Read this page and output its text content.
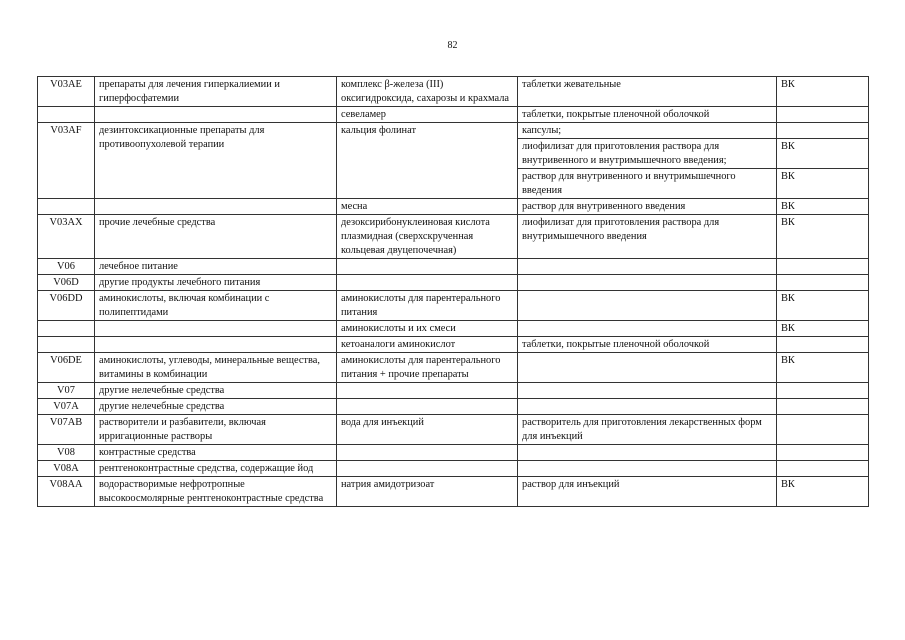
82
V03AE	препараты для лечения гиперкалиемии и гиперфосфатемии	комплекс β-железа (III) оксигидроксида, сахарозы и крахмала	таблетки жевательные	ВК
		севеламер	таблетки, покрытые пленочной оболочкой	
V03AF	дезинтоксикационные препараты для противоопухолевой терапии	кальция фолинат	капсулы;	
			лиофилизат для приготовления раствора для внутривенного и внутримышечного введения;	ВК
			раствор для внутривенного и внутримышечного введения	ВК
		месна	раствор для внутривенного введения	ВК
V03AX	прочие лечебные средства	дезоксирибонуклеиновая кислота плазмидная (сверхскрученная кольцевая двуцепочечная)	лиофилизат для приготовления раствора для внутримышечного введения	ВК
V06	лечебное питание			
V06D	другие продукты лечебного питания			
V06DD	аминокислоты, включая комбинации с полипептидами	аминокислоты для парентерального питания		ВК
		аминокислоты и их смеси		ВК
		кетоаналоги аминокислот	таблетки, покрытые пленочной оболочкой	
V06DE	аминокислоты, углеводы, минеральные вещества, витамины в комбинации	аминокислоты для парентерального питания + прочие препараты		ВК
V07	другие нелечебные средства			
V07A	другие нелечебные средства			
V07AB	растворители и разбавители, включая ирригационные растворы	вода для инъекций	растворитель для приготовления лекарственных форм для инъекций	
V08	контрастные средства			
V08A	рентгеноконтрастные средства, содержащие йод			
V08AA	водорастворимые нефротропные высокоосмолярные рентгеноконтрастные средства	натрия амидотризоат	раствор для инъекций	ВК
